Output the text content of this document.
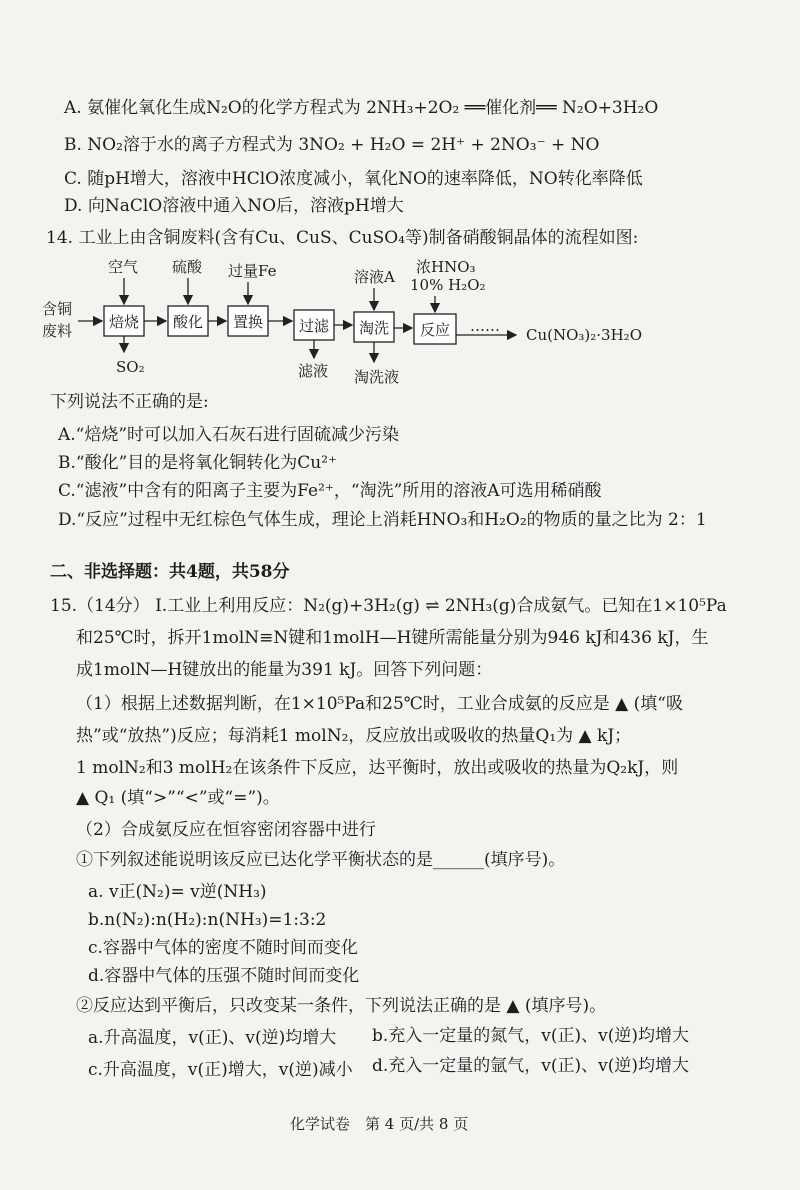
A. 氨催化氧化生成N₂O的化学方程式为 2NH₃+2O₂ ══催化剂══ N₂O+3H₂O
B. NO₂溶于水的离子方程式为 3NO₂ + H₂O = 2H⁺ + 2NO₃⁻ + NO
C. 随pH增大，溶液中HClO浓度减小，氧化NO的速率降低，NO转化率降低
D. 向NaClO溶液中通入NO后，溶液pH增大
14. 工业上由含铜废料(含有Cu、CuS、CuSO₄等)制备硝酸铜晶体的流程如图:
含铜
废料 焙烧 酸化 置换 过滤 淘洗 反应 …… Cu(NO₃)₂·3H₂O
空气 硫酸 过量Fe	溶液A
浓HNO₃
10% H₂O₂
SO₂	滤液 淘洗液
下列说法不正确的是:
A.“焙烧”时可以加入石灰石进行固硫减少污染
B.“酸化”目的是将氧化铜转化为Cu²⁺
C.“滤液”中含有的阳离子主要为Fe²⁺，“淘洗”所用的溶液A可选用稀硝酸
D.“反应”过程中无红棕色气体生成，理论上消耗HNO₃和H₂O₂的物质的量之比为 2：1
二、非选择题：共4题，共58分
15.（14分） I.工业上利用反应：N₂(g)+3H₂(g) ⇌ 2NH₃(g)合成氨气。已知在1×10⁵Pa
和25℃时，拆开1molN≡N键和1molH—H键所需能量分别为946 kJ和436 kJ，生
成1molN—H键放出的能量为391 kJ。回答下列问题：
（1）根据上述数据判断，在1×10⁵Pa和25℃时，工业合成氨的反应是 ▲ (填“吸
热”或“放热”)反应；每消耗1 molN₂，反应放出或吸收的热量Q₁为 ▲ kJ；
1 molN₂和3 molH₂在该条件下反应，达平衡时，放出或吸收的热量为Q₂kJ，则
▲ Q₁ (填“>”“<”或“=”)。
（2）合成氨反应在恒容密闭容器中进行
①下列叙述能说明该反应已达化学平衡状态的是______(填序号)。
a. v正(N₂)= v逆(NH₃)
b.n(N₂):n(H₂):n(NH₃)=1:3:2
c.容器中气体的密度不随时间而变化
d.容器中气体的压强不随时间而变化
②反应达到平衡后，只改变某一条件，下列说法正确的是 ▲ (填序号)。
a.升高温度，v(正)、v(逆)均增大 b.充入一定量的氮气，v(正)、v(逆)均增大
c.升高温度，v(正)增大，v(逆)减小 d.充入一定量的氩气，v(正)、v(逆)均增大
化学试卷　第 4 页/共 8 页
